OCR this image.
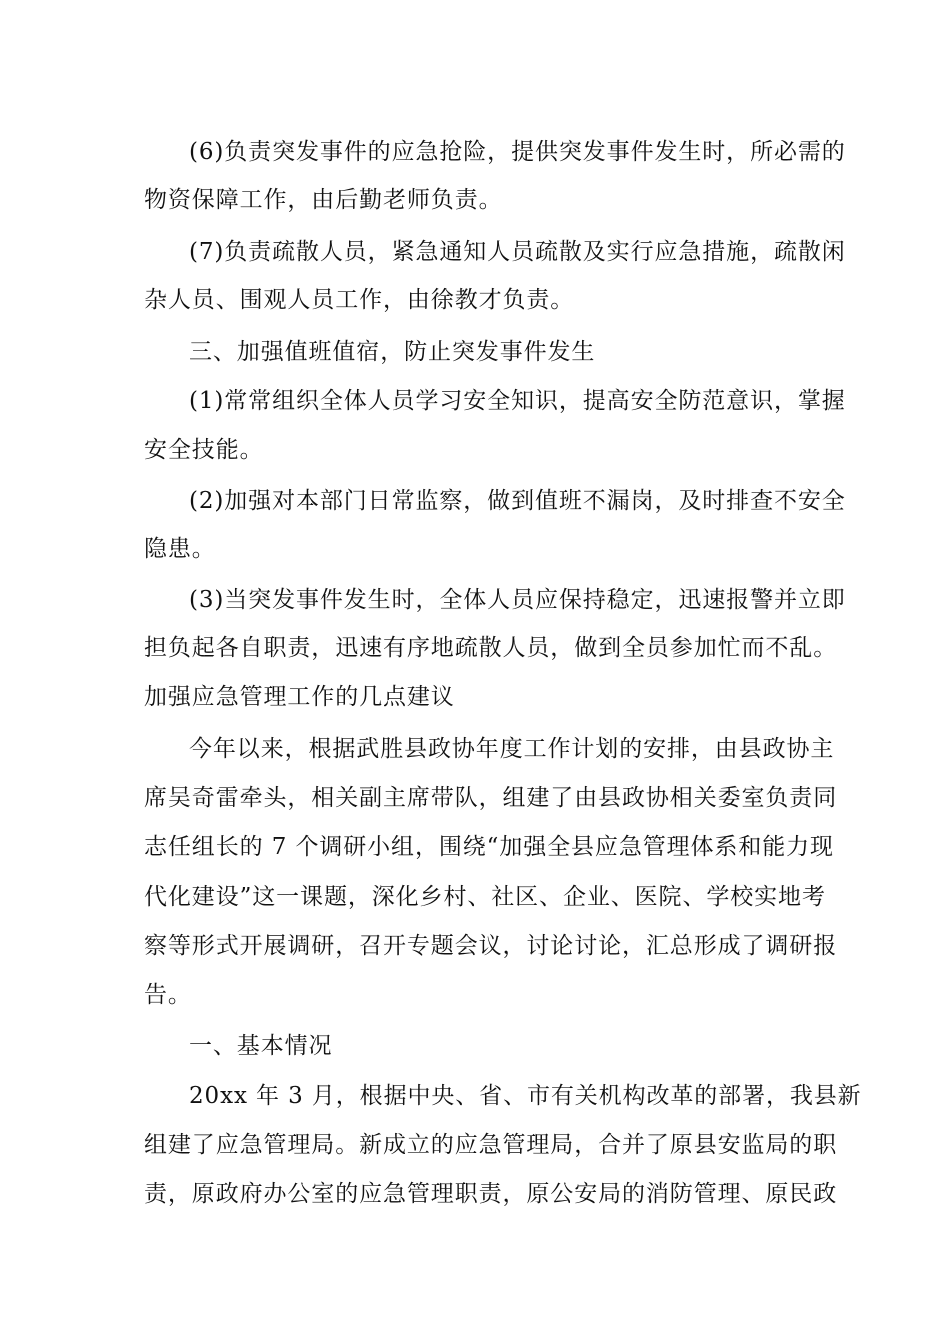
(6)负责突发事件的应急抢险，提供突发事件发生时，所必需的
物资保障工作，由后勤老师负责。
(7)负责疏散人员，紧急通知人员疏散及实行应急措施，疏散闲
杂人员、围观人员工作，由徐教才负责。
三、加强值班值宿，防止突发事件发生
(1)常常组织全体人员学习安全知识，提高安全防范意识，掌握
安全技能。
(2)加强对本部门日常监察，做到值班不漏岗，及时排查不安全
隐患。
(3)当突发事件发生时，全体人员应保持稳定，迅速报警并立即
担负起各自职责，迅速有序地疏散人员，做到全员参加忙而不乱。
加强应急管理工作的几点建议
今年以来，根据武胜县政协年度工作计划的安排，由县政协主
席吴奇雷牵头，相关副主席带队，组建了由县政协相关委室负责同
志任组长的 7 个调研小组，围绕“加强全县应急管理体系和能力现
代化建设”这一课题，深化乡村、社区、企业、医院、学校实地考
察等形式开展调研，召开专题会议，讨论讨论，汇总形成了调研报
告。
一、基本情况
20xx 年 3 月，根据中央、省、市有关机构改革的部署，我县新
组建了应急管理局。新成立的应急管理局，合并了原县安监局的职
责，原政府办公室的应急管理职责，原公安局的消防管理、原民政
